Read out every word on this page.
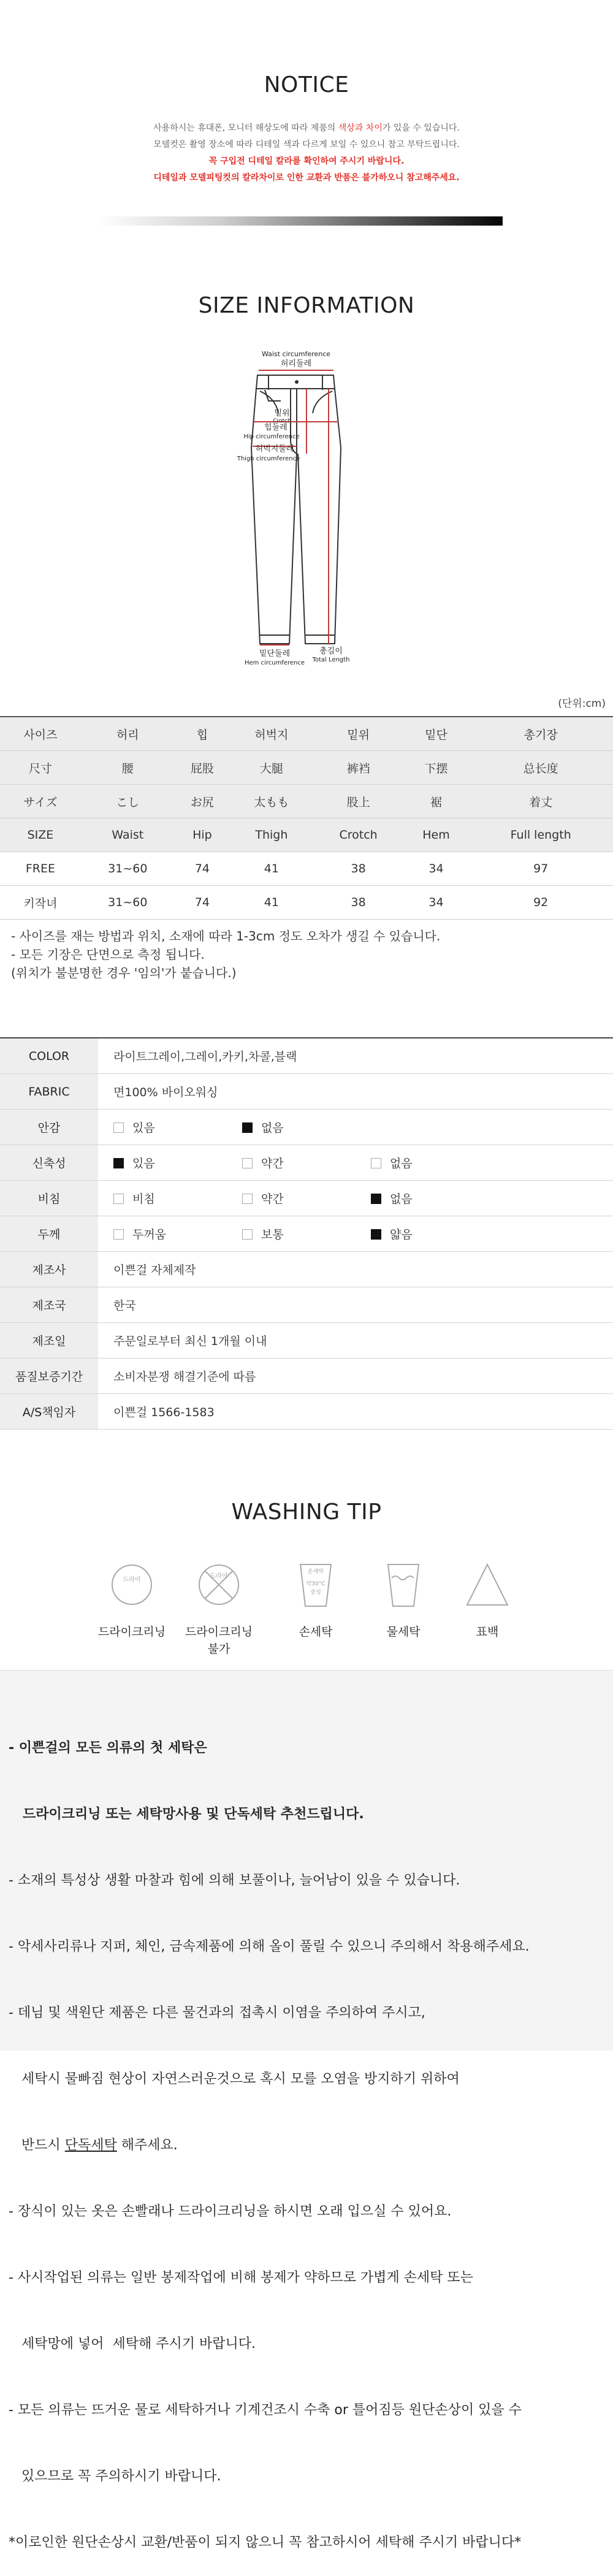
NOTICE
사용하시는 휴대폰, 모니터 해상도에 따라 제품의 색상과 차이가 있을 수 있습니다.
모델컷은 촬영 장소에 따라 디테일 색과 다르게 보일 수 있으니 참고 부탁드립니다.
꼭 구입전 디테일 칼라를 확인하여 주시기 바랍니다.
디테일과 모델피팅컷의 칼라차이로 인한 교환과 반품은 불가하오니 참고해주세요.
SIZE INFORMATION
Waist circumference
허리둘레
밑위
Crotch
힙둘레
Hip circumference
허벅지둘레
Thigh circumference
밑단둘레
Hem circumference
총길이
Total Length
(단위:cm)
사이즈	허리	힙	허벅지	밑위	밑단	총기장
尺寸	腰	屁股	大腿	裤裆	下摆	总长度
サイズ	こし	お尻	太もも	股上	裾	着丈
SIZE	Waist	Hip	Thigh	Crotch	Hem	Full length
FREE	31~60	74	41	38	34	97
키작녀	31~60	74	41	38	34	92
- 사이즈를 재는 방법과 위치, 소재에 따라 1-3cm 정도 오차가 생길 수 있습니다.
- 모든 기장은 단면으로 측정 됩니다.
(위치가 불분명한 경우 '임의'가 붙습니다.)
COLOR	라이트그레이,그레이,카키,차콜,블랙
FABRIC	면100% 바이오워싱
안감	있음 없음
신축성	있음 약간 없음
비침	비침 약간 없음
두께	두꺼움 보통 얇음
제조사	이쁜걸 자체제작
제조국	한국
제조일	주문일로부터 최신 1개월 이내
품질보증기간	소비자분쟁 해결기준에 따름
A/S책임자	이쁜걸 1566-1583
WASHING TIP
드라이
드라이
손세탁
약30°C
중성
드라이크리닝	드라이크리닝
불가
손세탁	물세탁	표백

- 이쁜걸의 모든 의류의 첫 세탁은

드라이크리닝 또는 세탁망사용 및 단독세탁 추천드립니다.

- 소재의 특성상 생활 마찰과 힘에 의해 보풀이나, 늘어남이 있을 수 있습니다.

- 악세사리류나 지퍼, 체인, 금속제품에 의해 올이 풀릴 수 있으니 주의해서 착용해주세요.

- 데님 및 색원단 제품은 다른 물건과의 접촉시 이염을 주의하여 주시고,

세탁시 물빠짐 현상이 자연스러운것으로 혹시 모를 오염을 방지하기 위하여

반드시 단독세탁 해주세요.

- 장식이 있는 옷은 손빨래나 드라이크리닝을 하시면 오래 입으실 수 있어요.

- 사시작업된 의류는 일반 봉제작업에 비해 봉제가 약하므로 가볍게 손세탁 또는

세탁망에 넣어  세탁해 주시기 바랍니다.

- 모든 의류는 뜨거운 물로 세탁하거나 기계건조시 수축 or 틀어짐등 원단손상이 있을 수

있으므로 꼭 주의하시기 바랍니다.

*이로인한 원단손상시 교환/반품이 되지 않으니 꼭 참고하시어 세탁해 주시기 바랍니다*
